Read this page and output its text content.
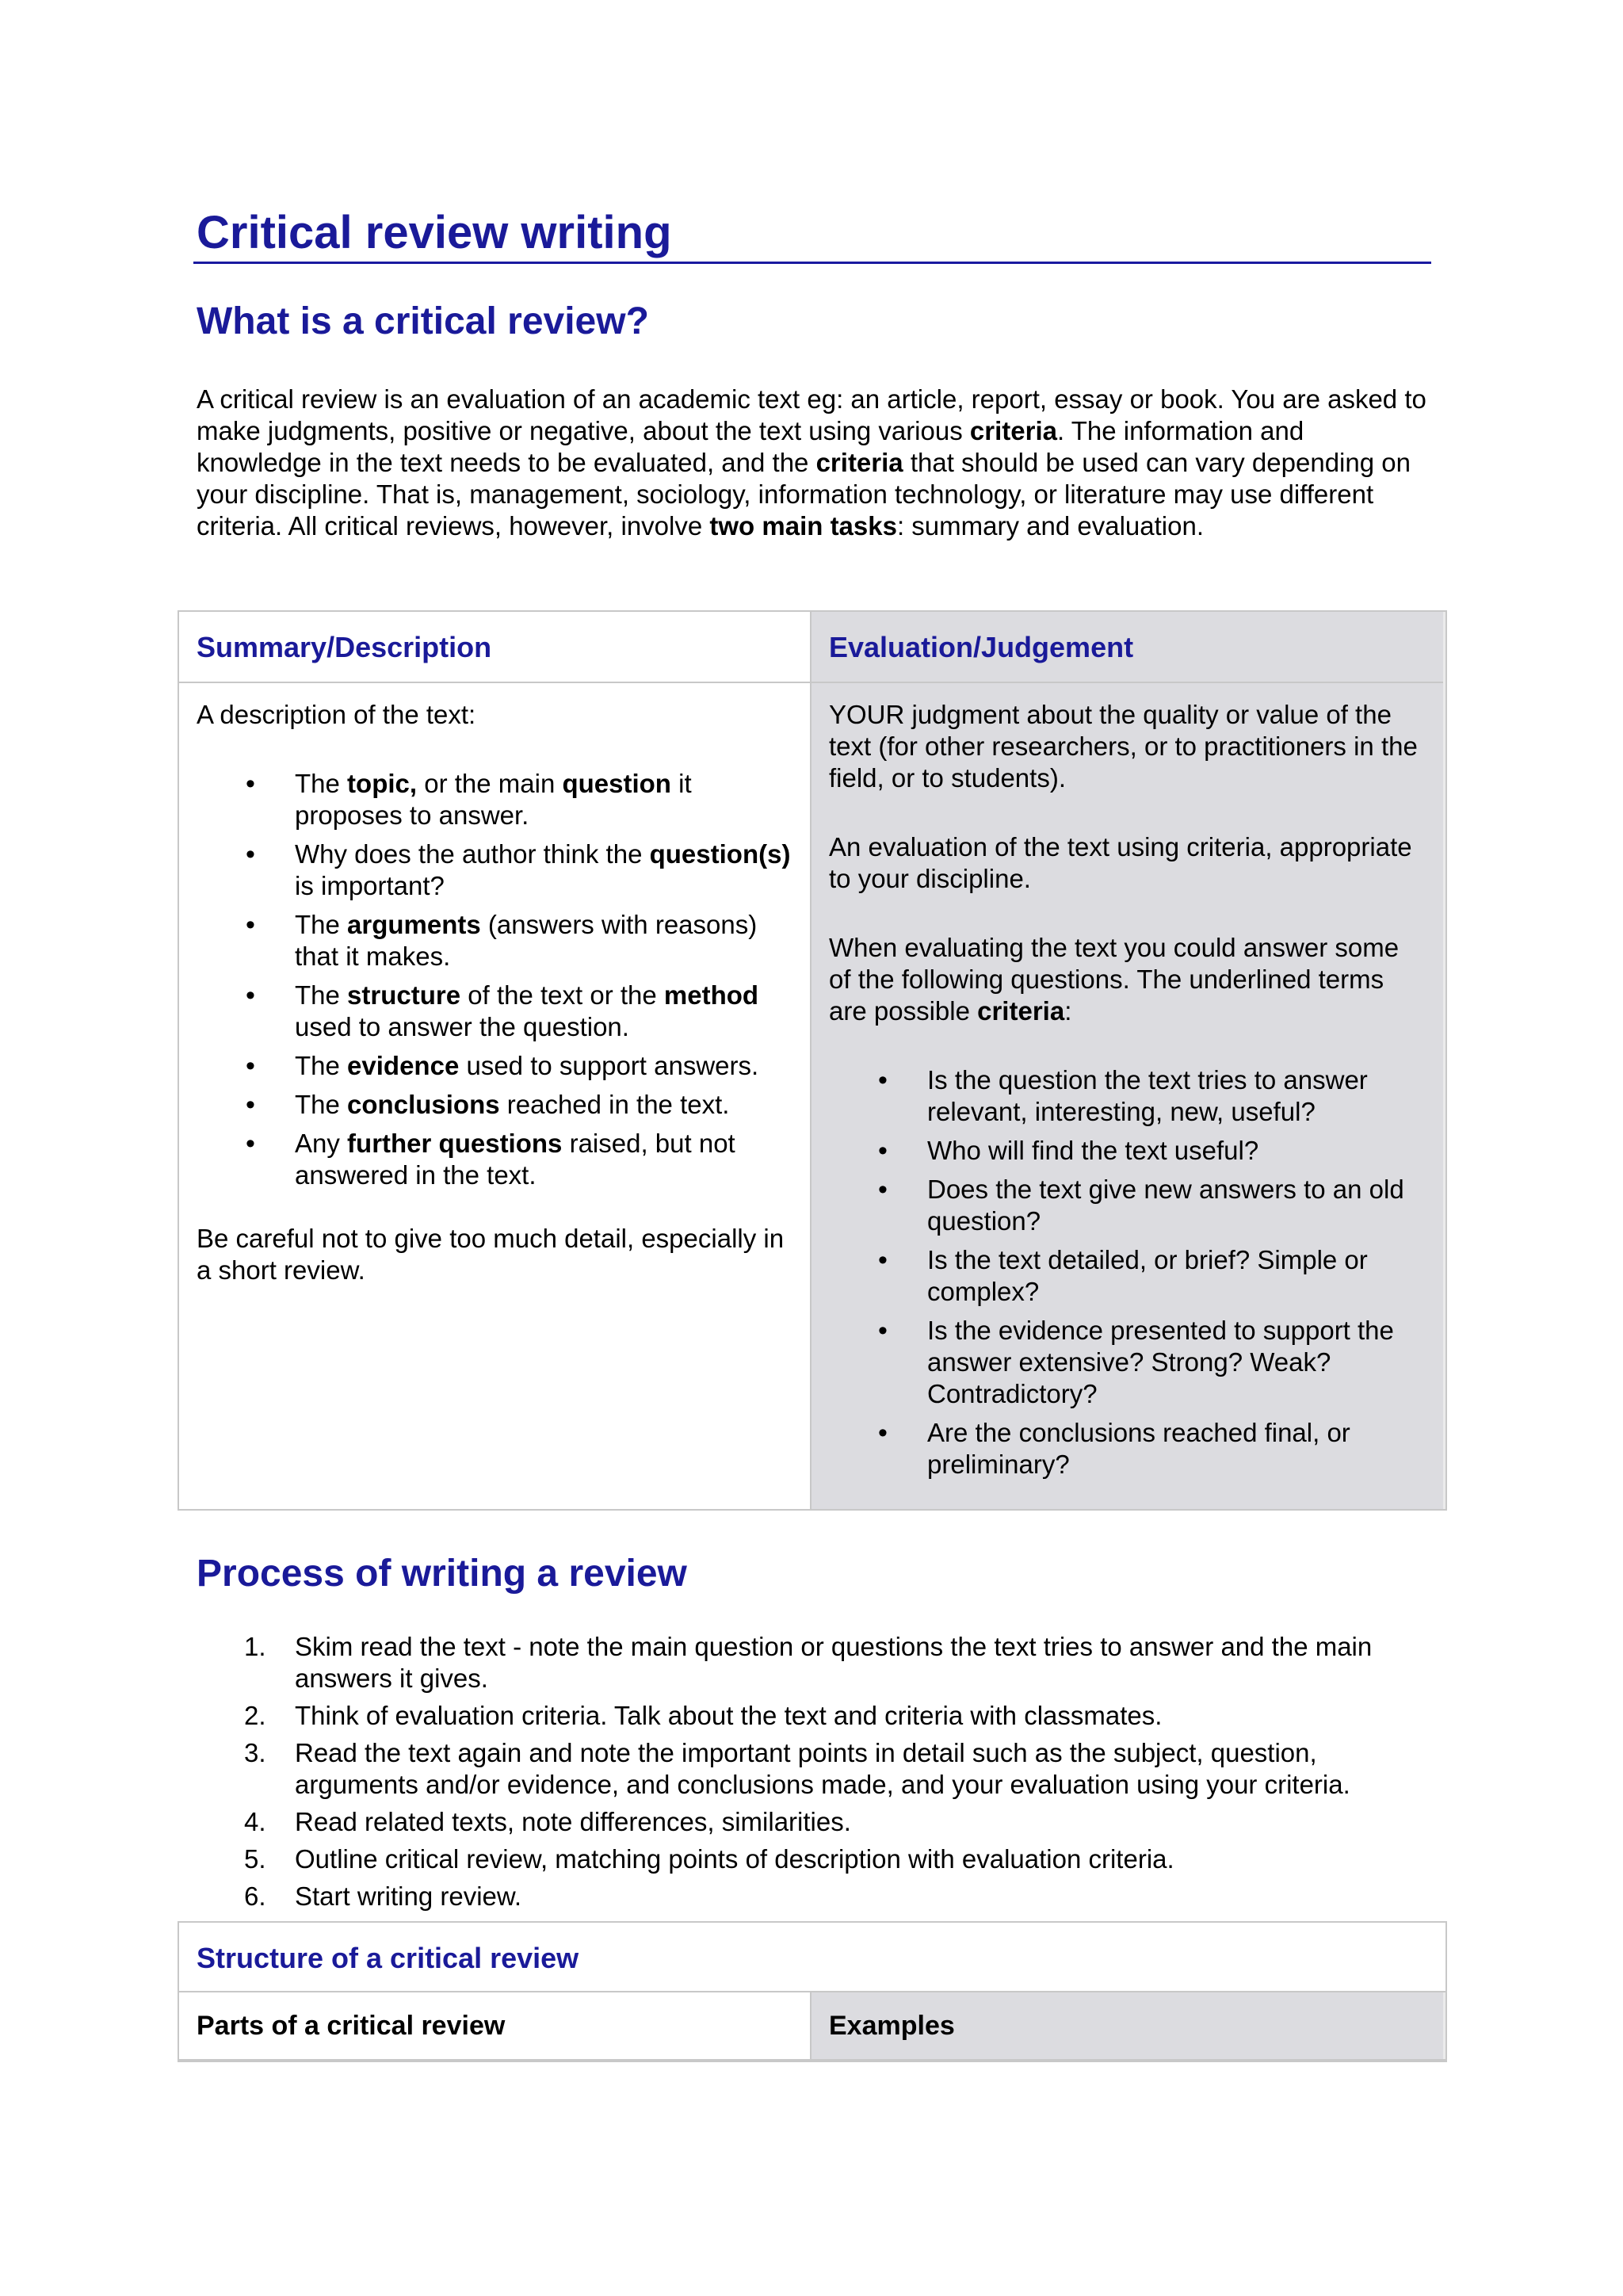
Critical review writing
What is a critical review?

A critical review is an evaluation of an academic text eg: an article, report, essay or book. You are asked to make judgments, positive or negative, about the text using various criteria. The information and knowledge in the text needs to be evaluated, and the criteria that should be used can vary depending on your discipline. That is, management, sociology, information technology, or literature may use different criteria. All critical reviews, however, involve two main tasks: summary and evaluation.

Summary/Description

A description of the text:

• The topic, or the main question it proposes to answer.
• Why does the author think the question(s) is important?
• The arguments (answers with reasons) that it makes.
• The structure of the text or the method used to answer the question.
• The evidence used to support answers.
• The conclusions reached in the text.
• Any further questions raised, but not answered in the text.

Be careful not to give too much detail, especially in a short review.

Evaluation/Judgement

YOUR judgment about the quality or value of the text (for other researchers, or to practitioners in the field, or to students).

An evaluation of the text using criteria, appropriate to your discipline.

When evaluating the text you could answer some of the following questions. The underlined terms are possible criteria:

• Is the question the text tries to answer relevant, interesting, new, useful?
• Who will find the text useful?
• Does the text give new answers to an old question?
• Is the text detailed, or brief? Simple or complex?
• Is the evidence presented to support the answer extensive? Strong? Weak? Contradictory?
• Are the conclusions reached final, or preliminary?
Process of writing a review
1. Skim read the text - note the main question or questions the text tries to answer and the main answers it gives.
2. Think of evaluation criteria. Talk about the text and criteria with classmates.
3. Read the text again and note the important points in detail such as the subject, question, arguments and/or evidence, and conclusions made, and your evaluation using your criteria.
4. Read related texts, note differences, similarities.
5. Outline critical review, matching points of description with evaluation criteria.
6. Start writing review.
Structure of a critical review
Parts of a critical review	Examples
